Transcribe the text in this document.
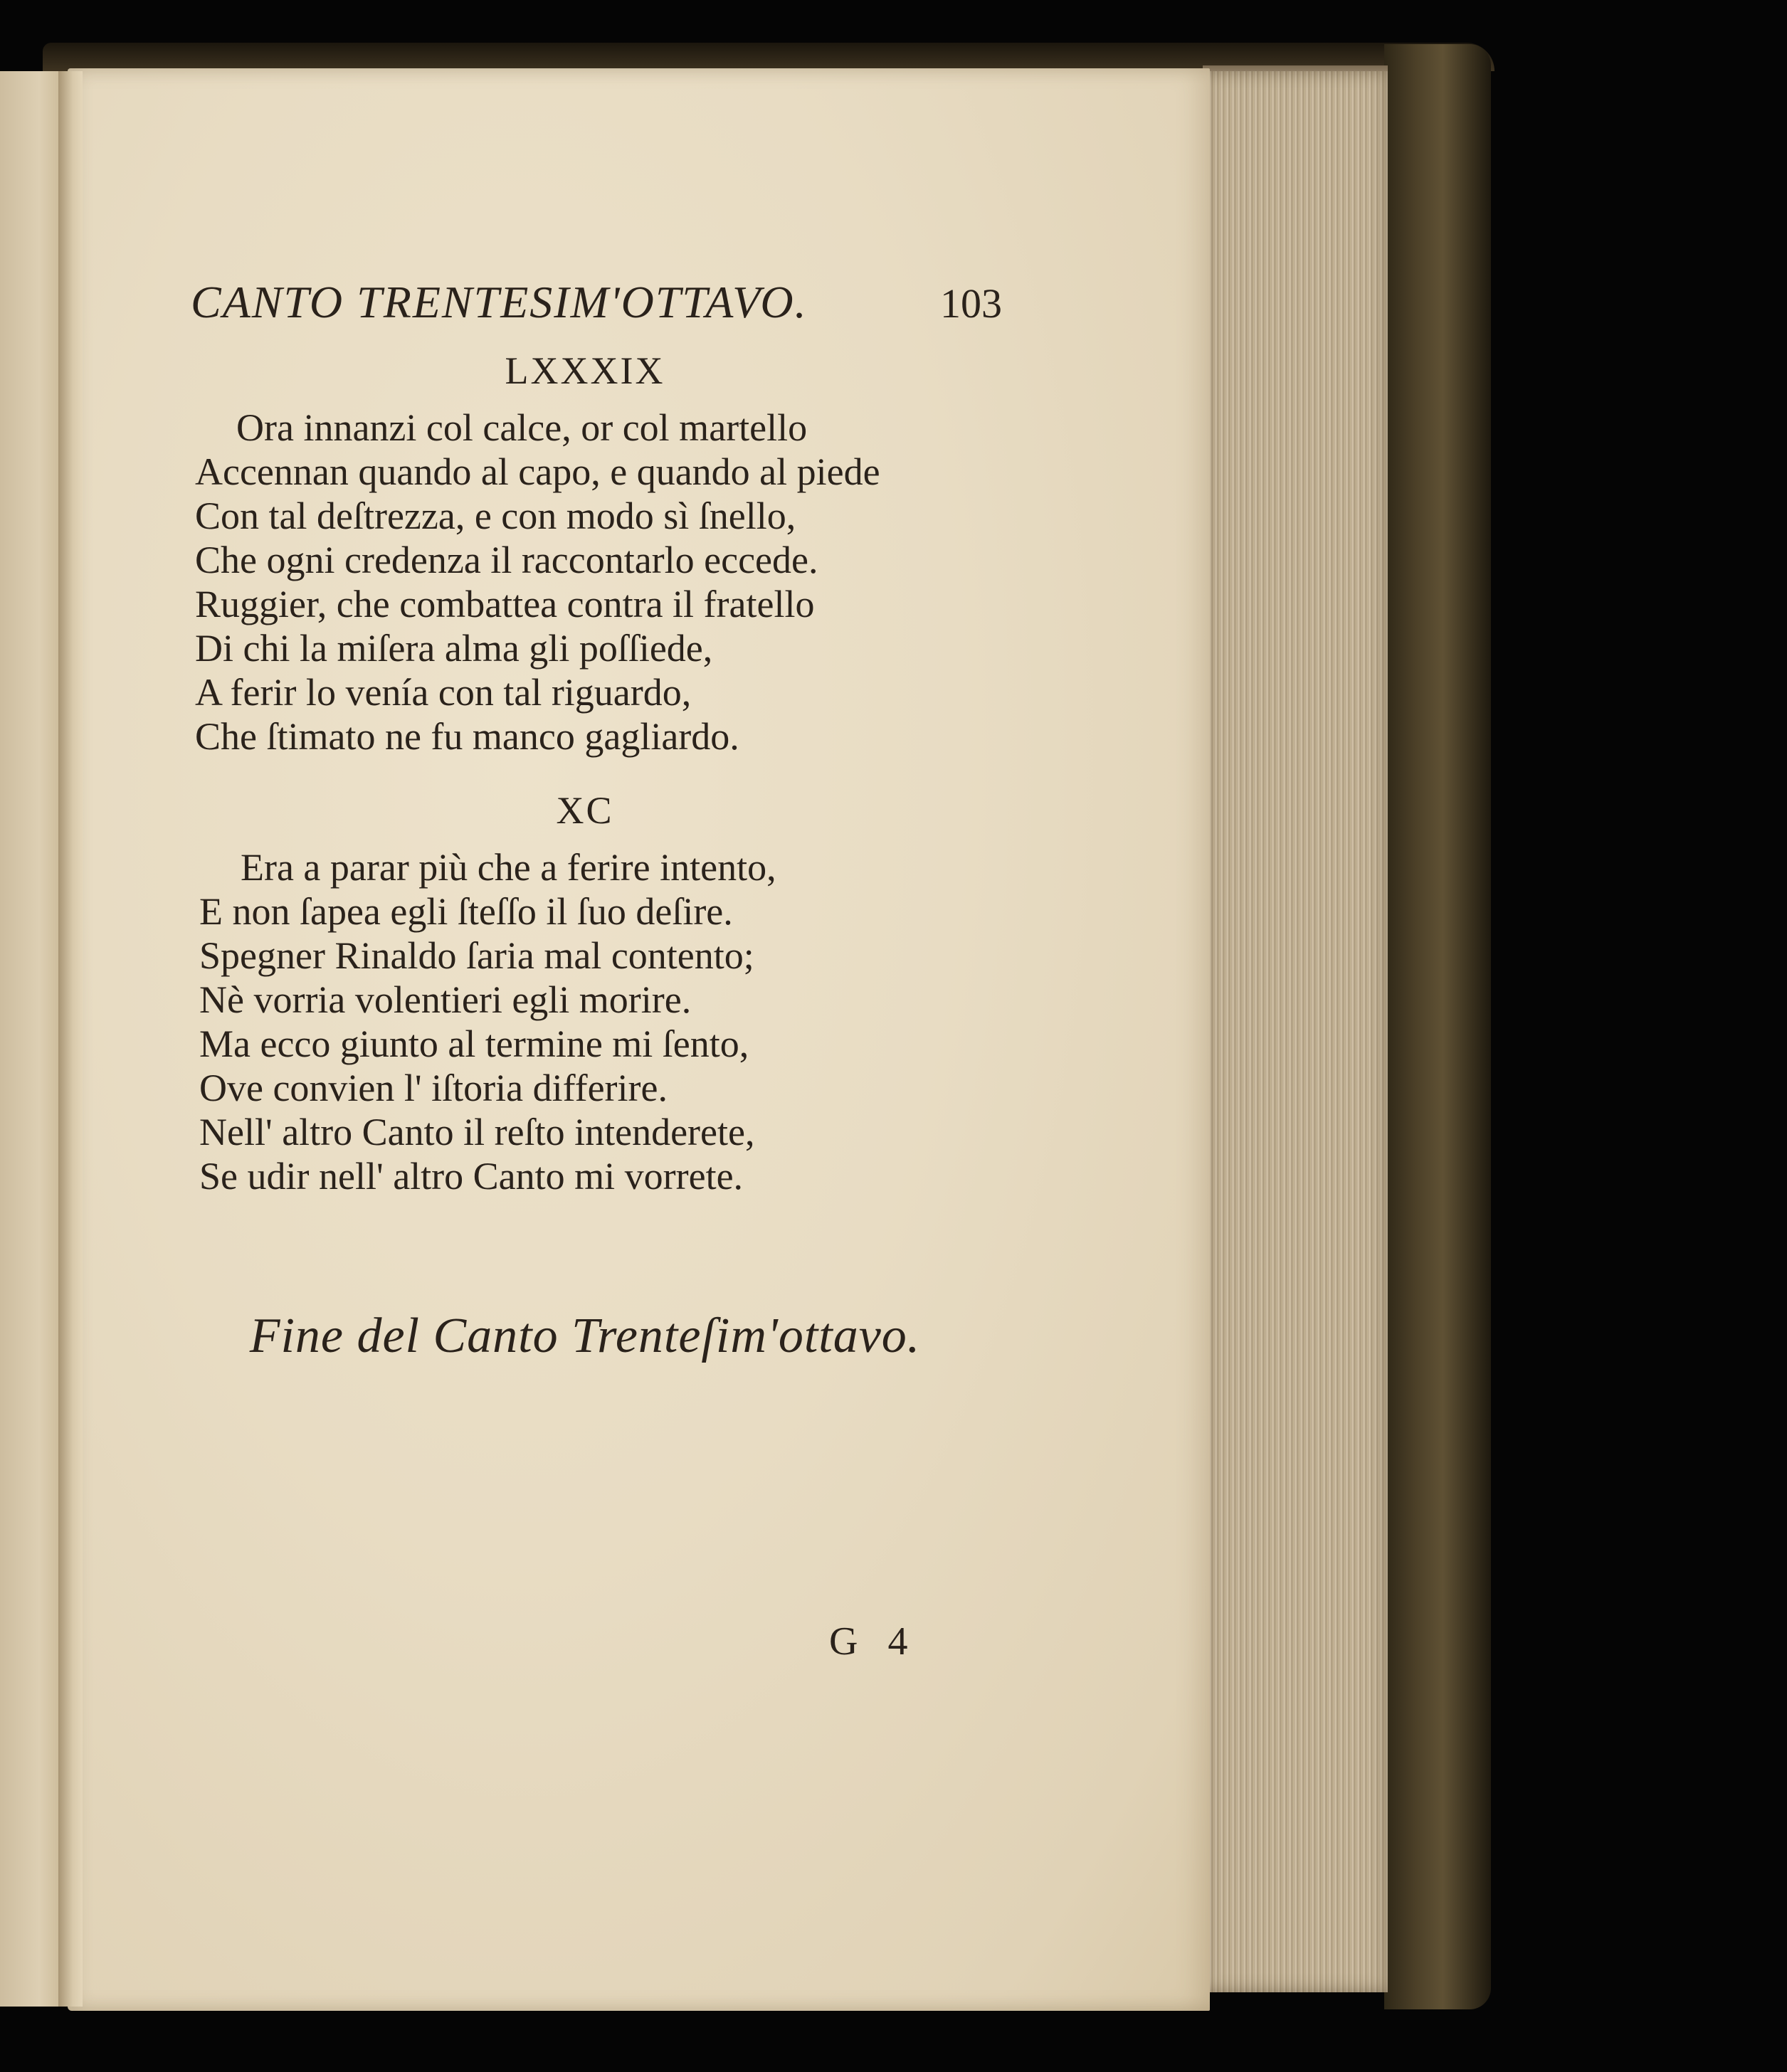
CANTO TRENTESIM'OTTAVO.	103
LXXXIX
Ora innanzi col calce, or col martello
Accennan quando al capo, e quando al piede
Con tal deſtrezza, e con modo sì ſnello,
Che ogni credenza il raccontarlo eccede.
Ruggier, che combattea contra il fratello
Di chi la miſera alma gli poſſiede,
A ferir lo venía con tal riguardo,
Che ſtimato ne fu manco gagliardo.
XC
Era a parar più che a ferire intento,
E non ſapea egli ſteſſo il ſuo deſire.
Spegner Rinaldo ſaria mal contento;
Nè vorria volentieri egli morire.
Ma ecco giunto al termine mi ſento,
Ove convien l' iſtoria differire.
Nell' altro Canto il reſto intenderete,
Se udir nell' altro Canto mi vorrete.
Fine del Canto Trenteſim'ottavo.
G 4
